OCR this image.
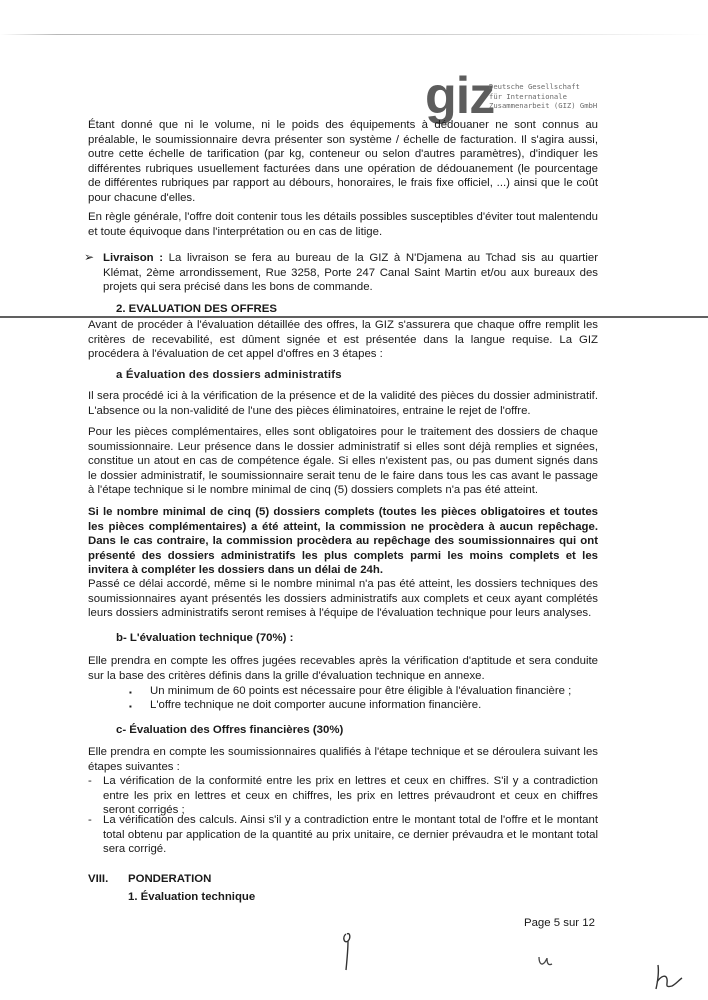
giz
Deutsche Gesellschaft
für Internationale
Zusammenarbeit (GIZ) GmbH
Étant donné que ni le volume, ni le poids des équipements à dédouaner ne sont connus au préalable, le soumissionnaire devra présenter son système / échelle de facturation. Il s'agira aussi, outre cette échelle de tarification (par kg, conteneur ou selon d'autres paramètres), d'indiquer les différentes rubriques usuellement facturées dans une opération de dédouanement (le pourcentage de différentes rubriques par rapport au débours, honoraires, le frais fixe officiel, ...) ainsi que le coût pour chacune d'elles.
En règle générale, l'offre doit contenir tous les détails possibles susceptibles d'éviter tout malentendu et toute équivoque dans l'interprétation ou en cas de litige.
➢ Livraison : La livraison se fera au bureau de la GIZ à N'Djamena au Tchad sis au quartier Klémat, 2ème arrondissement, Rue 3258, Porte 247 Canal Saint Martin et/ou aux bureaux des projets qui sera précisé dans les bons de commande.
2. EVALUATION DES OFFRES
Avant de procéder à l'évaluation détaillée des offres, la GIZ s'assurera que chaque offre remplit les critères de recevabilité, est dûment signée et est présentée dans la langue requise. La GIZ procédera à l'évaluation de cet appel d'offres en 3 étapes :
a Évaluation des dossiers administratifs
Il sera procédé ici à la vérification de la présence et de la validité des pièces du dossier administratif. L'absence ou la non-validité de l'une des pièces éliminatoires, entraine le rejet de l'offre.
Pour les pièces complémentaires, elles sont obligatoires pour le traitement des dossiers de chaque soumissionnaire. Leur présence dans le dossier administratif si elles sont déjà remplies et signées, constitue un atout en cas de compétence égale. Si elles n'existent pas, ou pas dument signés dans le dossier administratif, le soumissionnaire serait tenu de le faire dans tous les cas avant le passage à l'étape technique si le nombre minimal de cinq (5) dossiers complets n'a pas été atteint.
Si le nombre minimal de cinq (5) dossiers complets (toutes les pièces obligatoires et toutes les pièces complémentaires) a été atteint, la commission ne procèdera à aucun repêchage. Dans le cas contraire, la commission procèdera au repêchage des soumissionnaires qui ont présenté des dossiers administratifs les plus complets parmi les moins complets et les invitera à compléter les dossiers dans un délai de 24h.
Passé ce délai accordé, même si le nombre minimal n'a pas été atteint, les dossiers techniques des soumissionnaires ayant présentés les dossiers administratifs aux complets et ceux ayant complétés leurs dossiers administratifs seront remises à l'équipe de l'évaluation technique pour leurs analyses.
b- L'évaluation technique (70%) :
Elle prendra en compte les offres jugées recevables après la vérification d'aptitude et sera conduite sur la base des critères définis dans la grille d'évaluation technique en annexe.
▪ Un minimum de 60 points est nécessaire pour être éligible à l'évaluation financière ;
▪ L'offre technique ne doit comporter aucune information financière.
c- Évaluation des Offres financières (30%)
Elle prendra en compte les soumissionnaires qualifiés à l'étape technique et se déroulera suivant les étapes suivantes :
- La vérification de la conformité entre les prix en lettres et ceux en chiffres. S'il y a contradiction entre les prix en lettres et ceux en chiffres, les prix en lettres prévaudront et ceux en chiffres seront corrigés ;
- La vérification des calculs. Ainsi s'il y a contradiction entre le montant total de l'offre et le montant total obtenu par application de la quantité au prix unitaire, ce dernier prévaudra et le montant total sera corrigé.
VIII. PONDERATION
1. Évaluation technique
Page 5 sur 12
